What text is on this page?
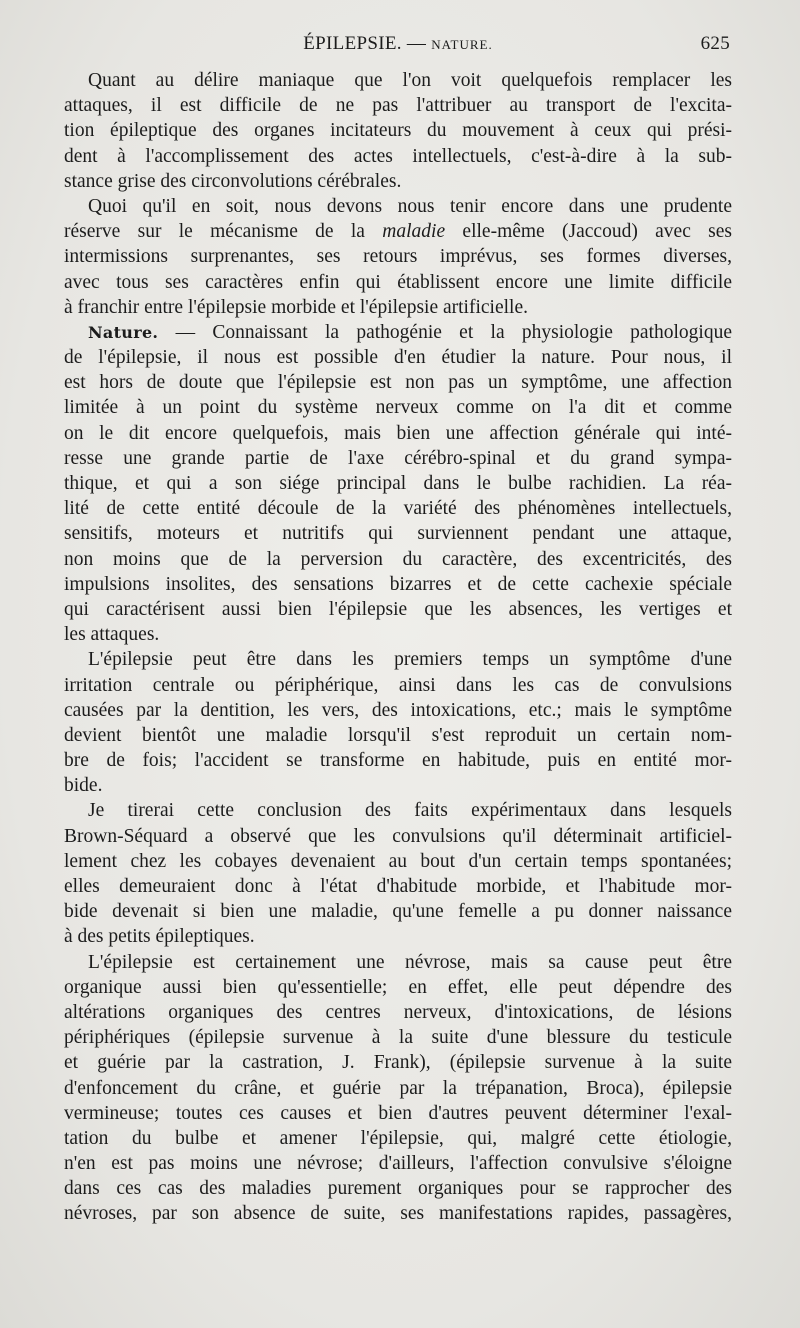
ÉPILEPSIE. — NATURE.	625
Quant au délire maniaque que l'on voit quelquefois remplacer les
attaques, il est difficile de ne pas l'attribuer au transport de l'excita-
tion épileptique des organes incitateurs du mouvement à ceux qui prési-
dent à l'accomplissement des actes intellectuels, c'est-à-dire à la sub-
stance grise des circonvolutions cérébrales.
Quoi qu'il en soit, nous devons nous tenir encore dans une prudente
réserve sur le mécanisme de la maladie elle-même (Jaccoud) avec ses
intermissions surprenantes, ses retours imprévus, ses formes diverses,
avec tous ses caractères enfin qui établissent encore une limite difficile
à franchir entre l'épilepsie morbide et l'épilepsie artificielle.
Nature. — Connaissant la pathogénie et la physiologie pathologique
de l'épilepsie, il nous est possible d'en étudier la nature. Pour nous, il
est hors de doute que l'épilepsie est non pas un symptôme, une affection
limitée à un point du système nerveux comme on l'a dit et comme
on le dit encore quelquefois, mais bien une affection générale qui inté-
resse une grande partie de l'axe cérébro-spinal et du grand sympa-
thique, et qui a son siége principal dans le bulbe rachidien. La réa-
lité de cette entité découle de la variété des phénomènes intellectuels,
sensitifs, moteurs et nutritifs qui surviennent pendant une attaque,
non moins que de la perversion du caractère, des excentricités, des
impulsions insolites, des sensations bizarres et de cette cachexie spéciale
qui caractérisent aussi bien l'épilepsie que les absences, les vertiges et
les attaques.
L'épilepsie peut être dans les premiers temps un symptôme d'une
irritation centrale ou périphérique, ainsi dans les cas de convulsions
causées par la dentition, les vers, des intoxications, etc.; mais le symptôme
devient bientôt une maladie lorsqu'il s'est reproduit un certain nom-
bre de fois; l'accident se transforme en habitude, puis en entité mor-
bide.
Je tirerai cette conclusion des faits expérimentaux dans lesquels
Brown-Séquard a observé que les convulsions qu'il déterminait artificiel-
lement chez les cobayes devenaient au bout d'un certain temps spontanées;
elles demeuraient donc à l'état d'habitude morbide, et l'habitude mor-
bide devenait si bien une maladie, qu'une femelle a pu donner naissance
à des petits épileptiques.
L'épilepsie est certainement une névrose, mais sa cause peut être
organique aussi bien qu'essentielle; en effet, elle peut dépendre des
altérations organiques des centres nerveux, d'intoxications, de lésions
périphériques (épilepsie survenue à la suite d'une blessure du testicule
et guérie par la castration, J. Frank), (épilepsie survenue à la suite
d'enfoncement du crâne, et guérie par la trépanation, Broca), épilepsie
vermineuse; toutes ces causes et bien d'autres peuvent déterminer l'exal-
tation du bulbe et amener l'épilepsie, qui, malgré cette étiologie,
n'en est pas moins une névrose; d'ailleurs, l'affection convulsive s'éloigne
dans ces cas des maladies purement organiques pour se rapprocher des
névroses, par son absence de suite, ses manifestations rapides, passagères,
